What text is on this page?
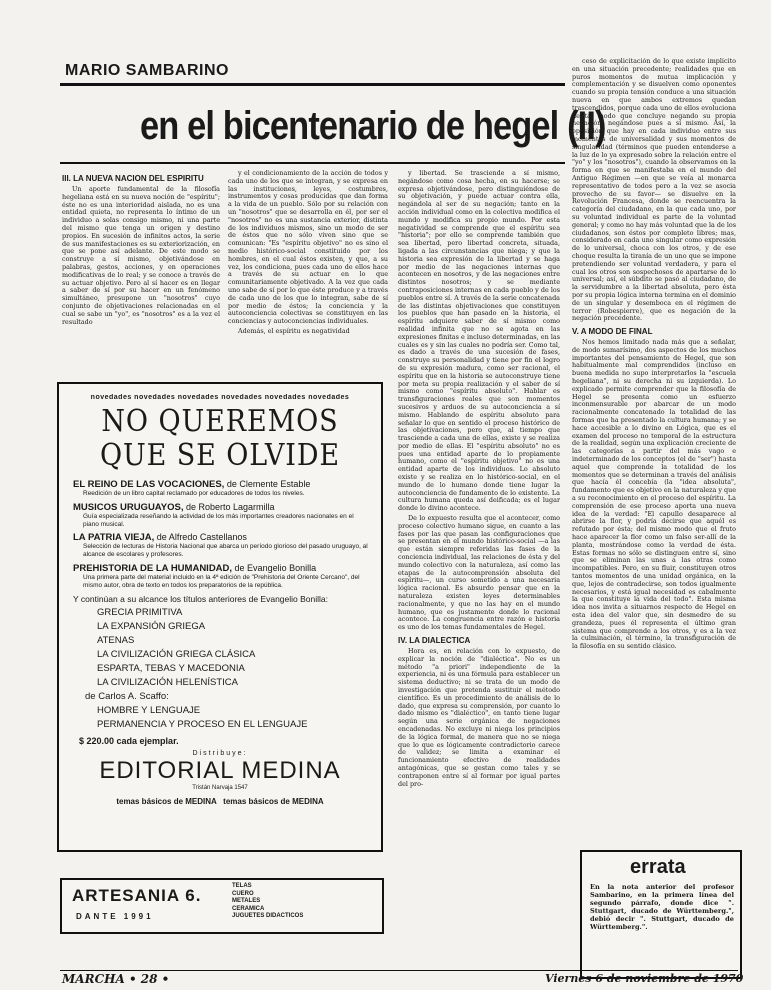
MARIO SAMBARINO
en el bicentenario de hegel (II)
III. LA NUEVA NACION DEL ESPIRITU

Un aporte fundamental de la filosofía hegeliana está en su nueva noción de "espíritu"; éste no es una interioridad aislada, no es una entidad quieta, no representa lo íntimo de un individuo a solas consigo mismo, ni una parte del mismo que tenga un origen y destino propios. En sucesión de infinitos actos, la serie de sus manifestaciones es su exteriorización, en que se pone así adelante. De este modo se construye a sí mismo, objetivándose en palabras, gestos, acciones, y en operaciones modificativas de lo real; y se conoce a través de su actuar objetivo. Pero al sí hacer es en llegar a saber de sí por su hacer en un fenómeno simultáneo, presupone un "nosotros" cuyo conjunto de objetivaciones relacionadas en el cual se sabe un "yo", es "nosotros" es a la vez el resultado

y el condicionamiento de la acción de todos y cada uno de los que se integran, y se expresa en las instituciones, leyes, costumbres, instrumentos y cosas producidas que dan forma a la vida de un pueblo. Sólo por su relación con un "nosotros" que se desarrolla en él, por ser el "nosotros" no es una sustancia exterior, distinta de los individuos mismos, sino un modo de ser de éstos que no sólo viven sino que se comunican: "Es "espíritu objetivo" no es sino el medio histórico-social constituido por los hombres, en el cual éstos existen, y que, a su vez, los condiciona, pues cada uno de ellos hace a través de su actuar en lo que comunitariamente objetivado. A la vez que cada uno sabe de sí por lo que éste produce y a través de cada uno de los que lo integran, sabe de sí por medio de éstos; la conciencia y la autoconciencia colectivas se constituyen en las conciencias y autoconciencias individuales.

Además, el espíritu es negatividad

y libertad. Se trasciende a sí mismo, negándose como cosa hecha, en su hacerse; se expresa objetivándose, pero distinguiéndose de su objetivación, y puede actuar contra ella, negándola al ser de su negación; tanto en la acción individual como en la colectiva modifica el mundo y modifica su propio mundo. Por esta negatividad se comprende que el espíritu sea "historia"; por ello se comprende también que sea libertad, pero libertad concreta, situada, ligada a las circunstancias que niega; y que la historia sea expresión de la libertad y se haga por medio de las negaciones internas que acontecen en nosotros, y de las negaciones entre distintos nosotros; y se mediante contraposiciones internas en cada pueblo y de los pueblos entre sí. A través de la serie concatenada de las distintas objetivaciones que constituyen los pueblos que han pasado en la historia, el espíritu adquiere saber de sí mismo como realidad infinita que no se agota en las expresiones finitas e incluso determinadas, en las cuales es y sin las cuales no podría ser. Como tal, es dado a través de una sucesión de fases, construye su personalidad y tiene por fin el logro de su expresión madura, como ser racional, el espíritu que en la historia se autoconstruye tiene por meta su propia realización y el saber de sí mismo como "espíritu absoluto". Hablar es transfiguraciones reales que son momentos sucesivos y arduos de su autoconciencia a sí mismo. Hablando de espíritu absoluto para señalar lo que en sentido el proceso histórico de las objetivaciones, pero que, al tiempo que trasciende a cada una de ellas, existe y se realiza por medio de ellas. El "espíritu absoluto" no es pues una entidad aparte de lo propiamente humano, como el "espíritu objetivo" no es una entidad aparte de los individuos. Lo absoluto existe y se realiza en lo histórico-social, en el mundo de lo humano donde tiene lugar la autoconciencia de fundamento de lo existente. La cultura humana queda así deificada; es el lugar donde lo divino acontece.

De lo expuesto resulta que el acontecer, como proceso colectivo humano sigue, en cuanto a las fases por las que pasan las configuraciones que se presentan en el mundo histórico-social —a las que están siempre referidas las fases de la conciencia individual, las relaciones de ésta y del mundo colectivo con la naturaleza, así como las etapas de la autocomprensión absoluta del espíritu—, un curso sometido a una necesaria lógica racional. Es absurdo pensar que en la naturaleza existen leyes determinables racionalmente, y que no las hay en el mundo humano, que es justamente donde lo racional acontece. La congruencia entre razón e historia es uno de los temas fundamentales de Hegel.

IV. LA DIALECTICA

Hora es, en relación con lo expuesto, de explicar la noción de "dialéctica". No es un método "a priori" independiente de la experiencia, ni es una fórmula para establecer un sistema deductivo; ni se trata de un modo de investigación que pretenda sustituir el método científico. Es un procedimiento de análisis de lo dado, que expresa su comprensión, por cuanto lo dado mismo es "dialéctico", en tanto tiene lugar según una serie orgánica de negaciones encadenadas. No excluye ni niega los principios de la lógica formal, de manera que no se niega que lo que es lógicamente contradictorio carece de validez; se limita a examinar el funcionamiento efectivo de realidades antagónicas, que se gestan como tales y se contraponen entre sí al formar por igual partes del pro-

ceso de explicitación de lo que existe implícito en una situación precedente; realidades que en puros momentos de mutua implicación y complementación y se disuelven como oponentes cuando su propia tensión conduce a una situación nueva en que ambos extremos quedan trascendidos, porque cada uno de ellos evoluciona de tal modo que concluye negando su propia negación, negándose pues a sí mismo. Así, la oposición que hay en cada individuo entre sus momentos de universalidad y sus momentos de singularidad (términos que pueden entenderse a la luz de lo ya expresado sobre la relación entre el "yo" y los "nosotros"), cuando la observamos en la forma en que se manifestaba en el mundo del Antiguo Régimen —en que se veía al monarca representativo de todos pero a la vez se asocia provecho de su favor— se disuelve en la Revolución Francesa, donde se reencuentra la categoría del ciudadano, en la que cada uno, por su voluntad individual es parte de la voluntad general; y como no hay más voluntad que la de los ciudadanos, son éstos por completo libres; mas, considerado en cada uno singular como expresión de lo universal, choca con los otros, y de ese choque resulta la tiranía de un uno que se impone pretendiendo ser voluntad verdadera, y para el cual los otros son sospechosos de apartarse de lo universal; así, el súbdito se pasó al ciudadano, de la servidumbre a la libertad absoluta, pero ésta por su propia lógica interna termina en el dominio de un singular y desemboca en el régimen de terror (Robespierre), que es negación de la negación precedente.

V. A MODO DE FINAL

Nos hemos limitado nada más que a señalar, de modo sumarísimo, dos aspectos de los muchos importantes del pensamiento de Hegel, que son habitualmente mal comprendidos (incluso en buena medida no supo interpretarlos la "escuela hegeliana", ni su derecha ni su izquierda). Lo explicado permite comprender que la filosofía de Hegel se presenta como un esfuerzo inconmensurable por abarcar de un modo racionalmente concatenado la totalidad de las formas que ha presentado la cultura humana; y se hace accesible a lo divino en Lógica, que es el examen del proceso no temporal de la estructura de la realidad, según una explicación creciente de las categorías a partir del más vago e indeterminado de los conceptos (el de "ser") hasta aquel que comprende la totalidad de los momentos que se determinan a través del análisis que hacía él concebía (la "idea absoluta", fundamento que es objetivo en la naturaleza y que a su reconocimiento en el proceso del espíritu. La comprensión de ese proceso aporta una nueva idea de la verdad: "El capullo desaparece al abrirse la flor, y podría decirse que aquél es refutado por ésta; del mismo modo que el fruto hace aparecer la flor como un falso ser-allí de la planta, mostrándose como la verdad de ésta. Estas formas no sólo se distinguen entre sí, sino que se eliminan las unas a las otras como incompatibles. Pero, en su fluir, constituyen otros tantos momentos de una unidad orgánica, en la que, lejos de contradecirse, son todos igualmente necesarios, y está igual necesidad es cabalmente la que constituye la vida del todo". Esta misma idea nos invita a situarnos respecto de Hegel en esta idea del valor que, sin desmedro de su grandeza, pues él representa el último gran sistema que comprende a los otros, y es a la vez la culminación, el término, la transfiguración de la filosofía en su sentido clásico.

novedades novedades novedades novedades novedades novedades
NO QUEREMOS
QUE SE OLVIDE
EL REINO DE LAS VOCACIONES, de Clemente Estable
Reedición de un libro capital reclamado por educadores de todos los niveles.
MUSICOS URUGUAYOS, de Roberto Lagarmilla
Guía especializada reseñando la actividad de los más importantes creadores nacionales en el piano musical.
LA PATRIA VIEJA, de Alfredo Castellanos
Selección de lecturas de Historia Nacional que abarca un período glorioso del pasado uruguayo, al alcance de escolares y profesores.
PREHISTORIA DE LA HUMANIDAD, de Evangelio Bonilla
Una primera parte del material incluido en la 4ª edición de "Prehistoria del Oriente Cercano", del mismo autor, obra de texto en todos los preparatorios de la república.
Y continúan a su alcance los títulos anteriores de Evangelio Bonilla:
GRECIA PRIMITIVA
LA EXPANSIÓN GRIEGA
ATENAS
LA CIVILIZACIÓN GRIEGA CLÁSICA
ESPARTA, TEBAS Y MACEDONIA
LA CIVILIZACIÓN HELENÍSTICA
de Carlos A. Scaffo:
HOMBRE Y LENGUAJE
PERMANENCIA Y PROCESO EN EL LENGUAJE
$ 220.00 cada ejemplar.
Distribuye:
EDITORIAL MEDINA
Tristán Narvaja 1547
temas básicos de MEDINA   temas básicos de MEDINA
ARTESANIA 6.
DANTE 1991
TELAS
CUERO
METALES
CERAMICA
JUGUETES DIDACTICOS
errata
En la nota anterior del profesor Sambarino, en la primera línea del segundo párrafo, donde dice ". Stuttgart, ducado de Württemberg.", debió decir ". Stuttgart, ducado de Württemberg.".
MARCHA • 28 •	Viernes 6 de noviembre de 1970
